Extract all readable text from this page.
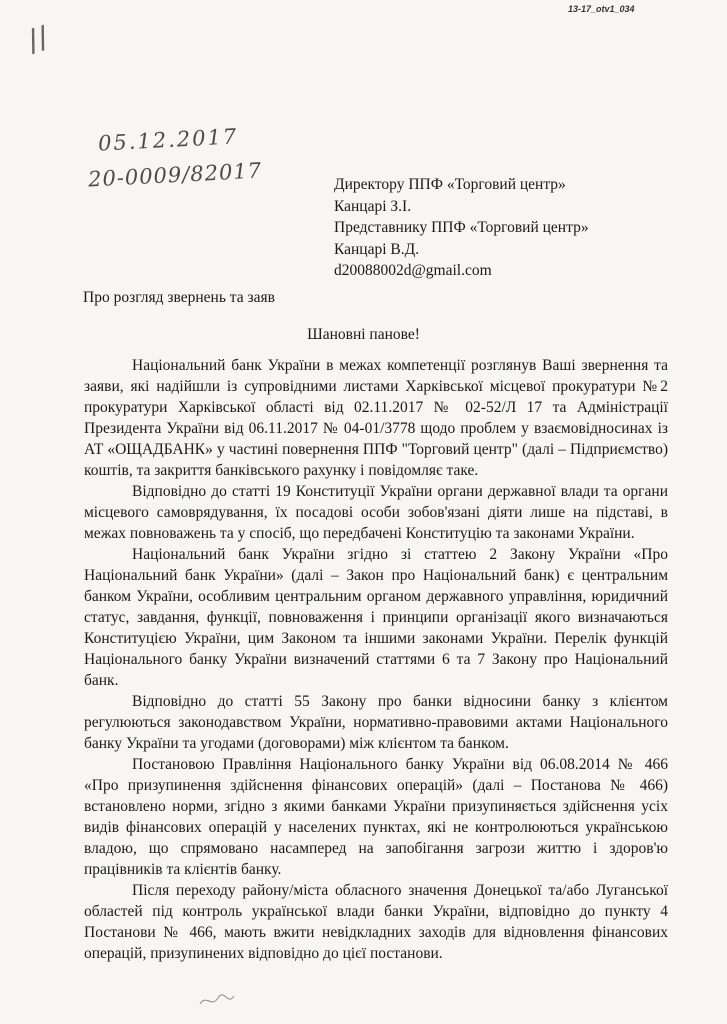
13-17_otv1_034
//
05.12.2017
20-0009/82017	Директору ППФ «Торговий центр»
Канцарі З.І.
Представнику ППФ «Торговий центр»
Канцарі В.Д.
d20088002d@gmail.com
Про розгляд звернень та заяв
Шановні панове!

Національний банк України в межах компетенції розглянув Ваші звернення та заяви, які надійшли із супровідними листами Харківської місцевої прокуратури №2 прокуратури Харківської області від 02.11.2017 № 02-52/Л 17 та Адміністрації Президента України від 06.11.2017 № 04-01/3778 щодо проблем у взаємовідносинах із АТ «ОЩАДБАНК» у частині повернення ППФ "Торговий центр" (далі – Підприємство) коштів, та закриття банківського рахунку і повідомляє таке.

Відповідно до статті 19 Конституції України органи державної влади та органи місцевого самоврядування, їх посадові особи зобов'язані діяти лише на підставі, в межах повноважень та у спосіб, що передбачені Конституцію та законами України.

Національний банк України згідно зі статтею 2 Закону України «Про Національний банк України» (далі – Закон про Національний банк) є центральним банком України, особливим центральним органом державного управління, юридичний статус, завдання, функції, повноваження і принципи організації якого визначаються Конституцією України, цим Законом та іншими законами України. Перелік функцій Національного банку України визначений статтями 6 та 7 Закону про Національний банк.

Відповідно до статті 55 Закону про банки відносини банку з клієнтом регулюються законодавством України, нормативно-правовими актами Національного банку України та угодами (договорами) між клієнтом та банком.

Постановою Правління Національного банку України від 06.08.2014 № 466 «Про призупинення здійснення фінансових операцій» (далі – Постанова № 466) встановлено норми, згідно з якими банками України призупиняється здійснення усіх видів фінансових операцій у населених пунктах, які не контролюються українською владою, що спрямовано насамперед на запобігання загрози життю і здоров'ю працівників та клієнтів банку.

Після переходу району/міста обласного значення Донецької та/або Луганської областей під контроль української влади банки України, відповідно до пункту 4 Постанови № 466, мають вжити невідкладних заходів для відновлення фінансових операцій, призупинених відповідно до цієї постанови.
